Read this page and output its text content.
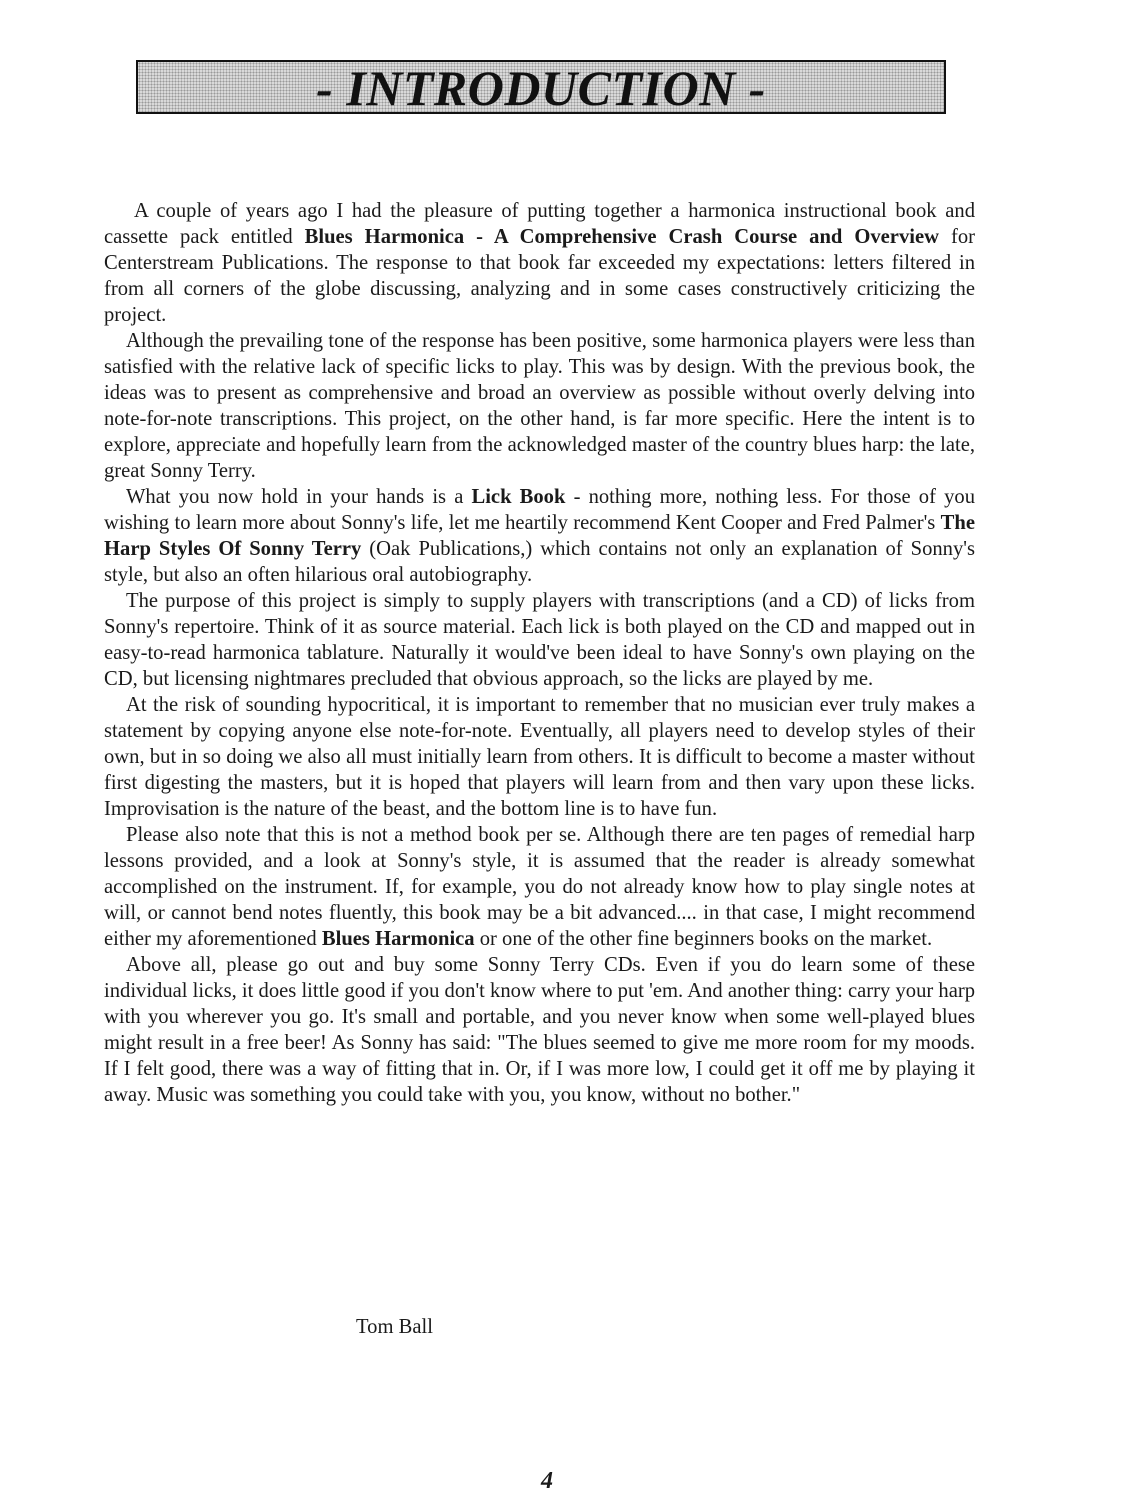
- INTRODUCTION -

A couple of years ago I had the pleasure of putting together a harmonica instructional book and cassette pack entitled Blues Harmonica - A Comprehensive Crash Course and Overview for Centerstream Publications. The response to that book far exceeded my expectations: letters filtered in from all corners of the globe discussing, analyzing and in some cases constructively criticizing the project.

Although the prevailing tone of the response has been positive, some harmonica players were less than satisfied with the relative lack of specific licks to play. This was by design. With the previous book, the ideas was to present as comprehensive and broad an overview as possible without overly delving into note-for-note transcriptions. This project, on the other hand, is far more specific. Here the intent is to explore, appreciate and hopefully learn from the acknowledged master of the country blues harp: the late, great Sonny Terry.

What you now hold in your hands is a Lick Book - nothing more, nothing less. For those of you wishing to learn more about Sonny's life, let me heartily recommend Kent Cooper and Fred Palmer's The Harp Styles Of Sonny Terry (Oak Publications,) which contains not only an explanation of Sonny's style, but also an often hilarious oral autobiography.

The purpose of this project is simply to supply players with transcriptions (and a CD) of licks from Sonny's repertoire. Think of it as source material. Each lick is both played on the CD and mapped out in easy-to-read harmonica tablature. Naturally it would've been ideal to have Sonny's own playing on the CD, but licensing nightmares precluded that obvious approach, so the licks are played by me.

At the risk of sounding hypocritical, it is important to remember that no musician ever truly makes a statement by copying anyone else note-for-note. Eventually, all players need to develop styles of their own, but in so doing we also all must initially learn from others. It is difficult to become a master without first digesting the masters, but it is hoped that players will learn from and then vary upon these licks. Improvisation is the nature of the beast, and the bottom line is to have fun.

Please also note that this is not a method book per se. Although there are ten pages of remedial harp lessons provided, and a look at Sonny's style, it is assumed that the reader is already somewhat accomplished on the instrument. If, for example, you do not already know how to play single notes at will, or cannot bend notes fluently, this book may be a bit advanced.... in that case, I might recommend either my aforementioned Blues Harmonica or one of the other fine beginners books on the market.

Above all, please go out and buy some Sonny Terry CDs. Even if you do learn some of these individual licks, it does little good if you don't know where to put 'em. And another thing: carry your harp with you wherever you go. It's small and portable, and you never know when some well-played blues might result in a free beer! As Sonny has said: "The blues seemed to give me more room for my moods. If I felt good, there was a way of fitting that in. Or, if I was more low, I could get it off me by playing it away. Music was something you could take with you, you know, without no bother."

Tom Ball
4
